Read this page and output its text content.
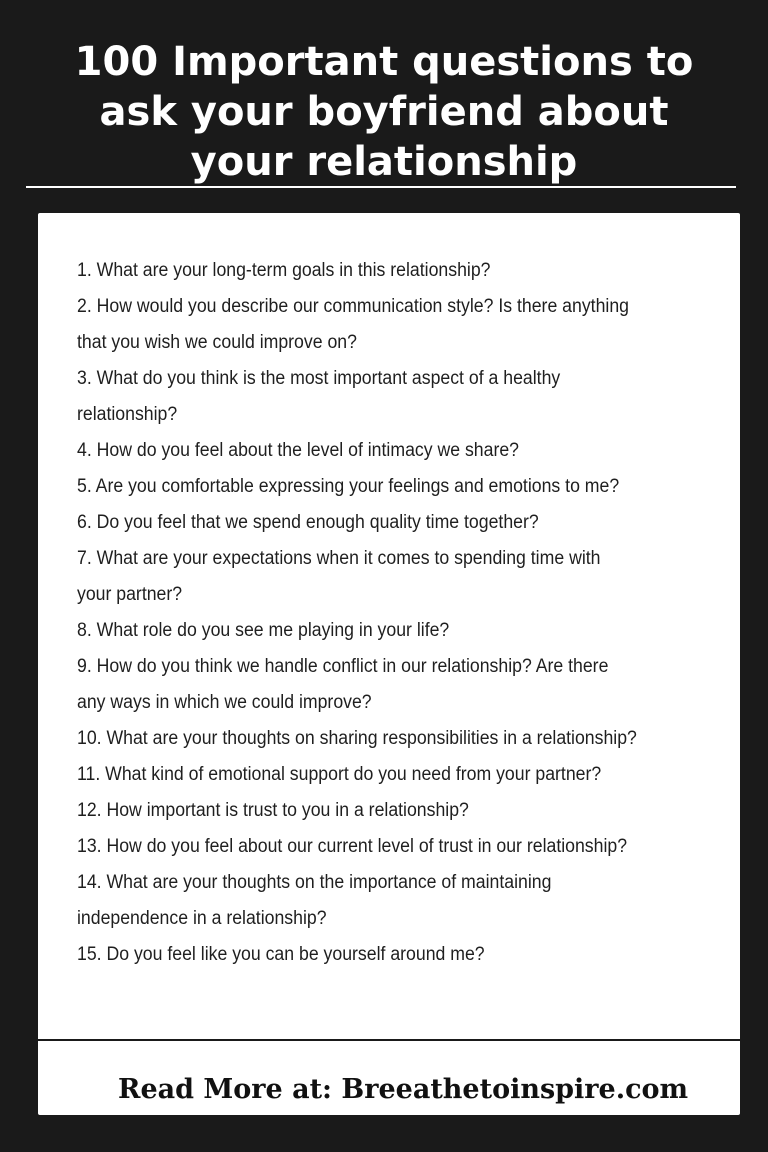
100 Important questions to
ask your boyfriend about
your relationship
1. What are your long-term goals in this relationship?
2. How would you describe our communication style? Is there anything
that you wish we could improve on?
3. What do you think is the most important aspect of a healthy
relationship?
4. How do you feel about the level of intimacy we share?
5. Are you comfortable expressing your feelings and emotions to me?
6. Do you feel that we spend enough quality time together?
7. What are your expectations when it comes to spending time with
your partner?
8. What role do you see me playing in your life?
9. How do you think we handle conflict in our relationship? Are there
any ways in which we could improve?
10. What are your thoughts on sharing responsibilities in a relationship?
11. What kind of emotional support do you need from your partner?
12. How important is trust to you in a relationship?
13. How do you feel about our current level of trust in our relationship?
14. What are your thoughts on the importance of maintaining
independence in a relationship?
15. Do you feel like you can be yourself around me?
Read More at: Breeathetoinspire.com
